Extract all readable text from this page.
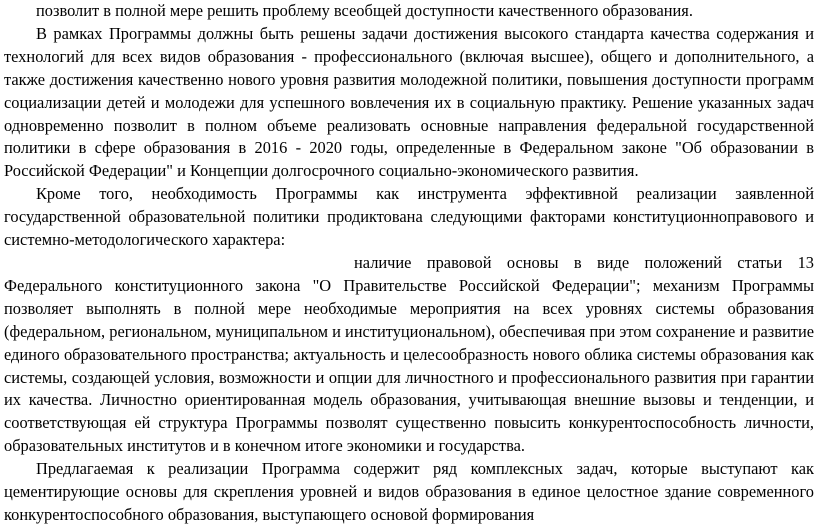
позволит в полной мере решить проблему всеобщей доступности качественного образования.

В рамках Программы должны быть решены задачи достижения высокого стандарта качества содержания и технологий для всех видов образования - профессионального (включая высшее), общего и дополнительного, а также достижения качественно нового уровня развития молодежной политики, повышения доступности программ социализации детей и молодежи для успешного вовлечения их в социальную практику. Решение указанных задач одновременно позволит в полном объеме реализовать основные направления федеральной государственной политики в сфере образования в 2016 - 2020 годы, определенные в Федеральном законе "Об образовании в Российской Федерации" и Концепции долгосрочного социально-экономического развития.

Кроме того, необходимость Программы как инструмента эффективной реализации заявленной государственной образовательной политики продиктована следующими факторами конституционноправового и системно-методологического характера:

наличие правовой основы в виде положений статьи 13 Федерального конституционного закона "О Правительстве Российской Федерации"; механизм Программы позволяет выполнять в полной мере необходимые мероприятия на всех уровнях системы образования (федеральном, региональном, муниципальном и институциональном), обеспечивая при этом сохранение и развитие единого образовательного пространства; актуальность и целесообразность нового облика системы образования как системы, создающей условия, возможности и опции для личностного и профессионального развития при гарантии их качества. Личностно ориентированная модель образования, учитывающая внешние вызовы и тенденции, и соответствующая ей структура Программы позволят существенно повысить конкурентоспособность личности, образовательных институтов и в конечном итоге экономики и государства.

Предлагаемая к реализации Программа содержит ряд комплексных задач, которые выступают как цементирующие основы для скрепления уровней и видов образования в единое целостное здание современного конкурентоспособного образования, выступающего основой формирования
